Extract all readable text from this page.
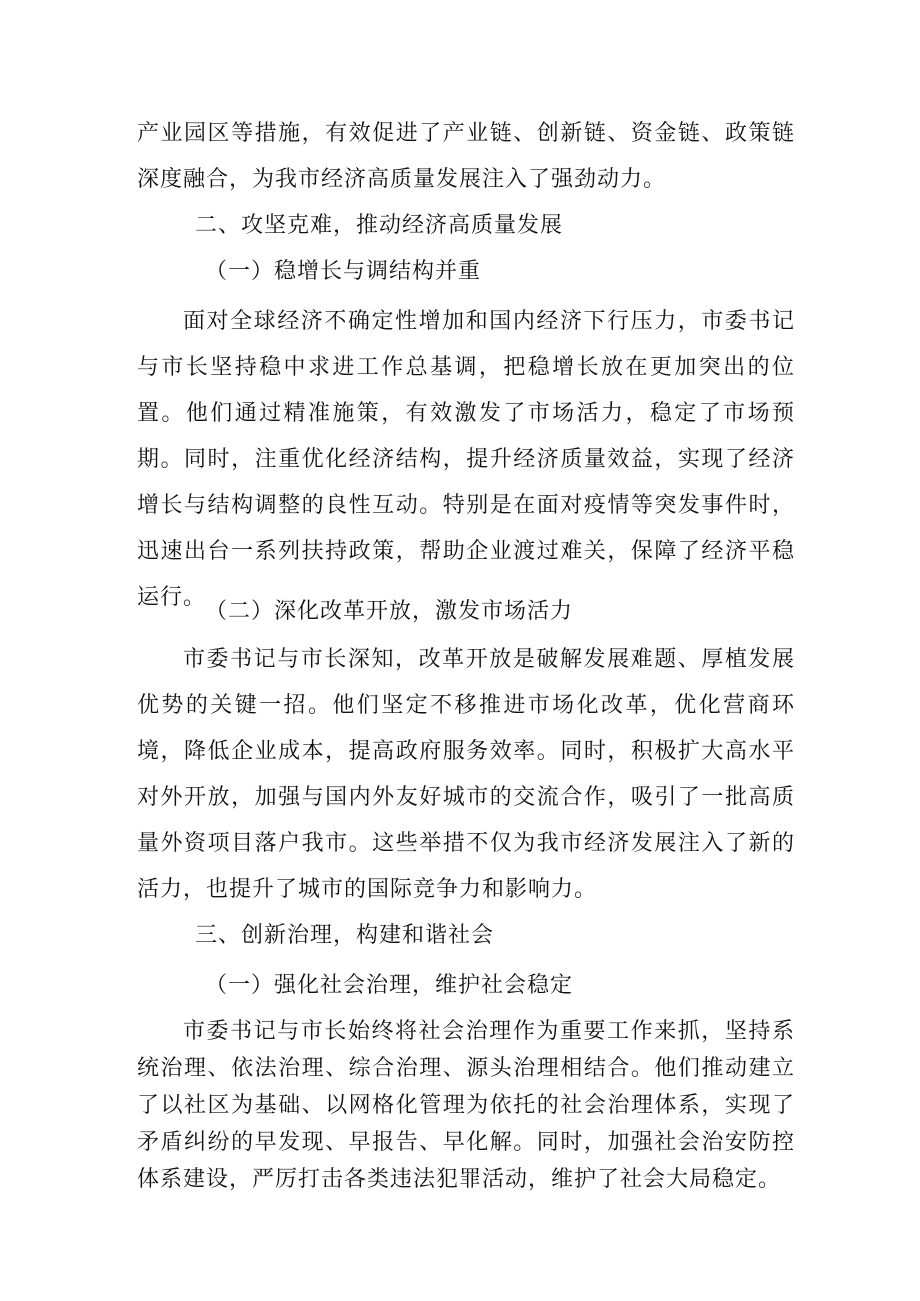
产业园区等措施，有效促进了产业链、创新链、资金链、政策链深度融合，为我市经济高质量发展注入了强劲动力。
二、攻坚克难，推动经济高质量发展
（一）稳增长与调结构并重
面对全球经济不确定性增加和国内经济下行压力，市委书记与市长坚持稳中求进工作总基调，把稳增长放在更加突出的位置。他们通过精准施策，有效激发了市场活力，稳定了市场预期。同时，注重优化经济结构，提升经济质量效益，实现了经济增长与结构调整的良性互动。特别是在面对疫情等突发事件时，迅速出台一系列扶持政策，帮助企业渡过难关，保障了经济平稳运行。
（二）深化改革开放，激发市场活力
市委书记与市长深知，改革开放是破解发展难题、厚植发展优势的关键一招。他们坚定不移推进市场化改革，优化营商环境，降低企业成本，提高政府服务效率。同时，积极扩大高水平对外开放，加强与国内外友好城市的交流合作，吸引了一批高质量外资项目落户我市。这些举措不仅为我市经济发展注入了新的活力，也提升了城市的国际竞争力和影响力。
三、创新治理，构建和谐社会
（一）强化社会治理，维护社会稳定
市委书记与市长始终将社会治理作为重要工作来抓，坚持系统治理、依法治理、综合治理、源头治理相结合。他们推动建立了以社区为基础、以网格化管理为依托的社会治理体系，实现了矛盾纠纷的早发现、早报告、早化解。同时，加强社会治安防控体系建设，严厉打击各类违法犯罪活动，维护了社会大局稳定。
